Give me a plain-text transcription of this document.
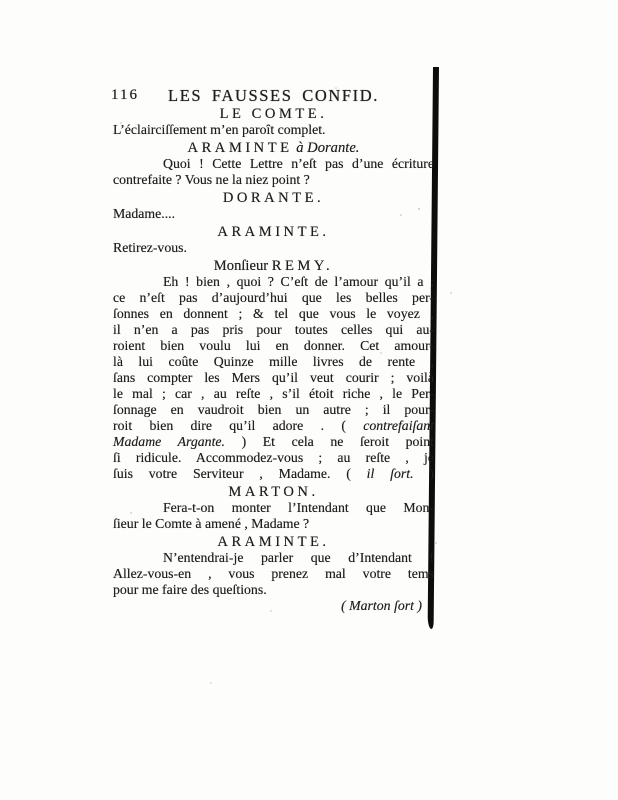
116	LES FAUSSES CONFID.
LE COMTE.
L’éclairciſſement m’en paroît complet.
ARAMINTE à Dorante.
Quoi ! Cette Lettre n’eſt pas d’une écriture
contrefaite ? Vous ne la niez point ?
DORANTE.
Madame....
ARAMINTE.
Retirez-vous.
Monſieur REMY.
Eh ! bien , quoi ? C’eſt de l’amour qu’il a ;
ce n’eſt pas d’aujourd’hui que les belles per-
ſonnes en donnent ; & tel que vous le voyez ,
il n’en a pas pris pour toutes celles qui au-
roient bien voulu lui en donner. Cet amour-
là lui coûte Quinze mille livres de rente ,
ſans compter les Mers qu’il veut courir ; voilà
le mal ; car , au reſte , s’il étoit riche , le Per-
ſonnage en vaudroit bien un autre ; il pour-
roit bien dire qu’il adore . ( contrefaiſant
Madame Argante. ) Et cela ne ſeroit point
ſi ridicule. Accommodez-vous ; au reſte , je
ſuis votre Serviteur , Madame. ( il ſort. )
MARTON.
Fera-t-on monter l’Intendant que Mon-
ſieur le Comte à amené , Madame ?
ARAMINTE.
N’entendrai-je parler que d’Intendant !
Allez-vous-en , vous prenez mal votre tems
pour me faire des queſtions.
( Marton ſort )
